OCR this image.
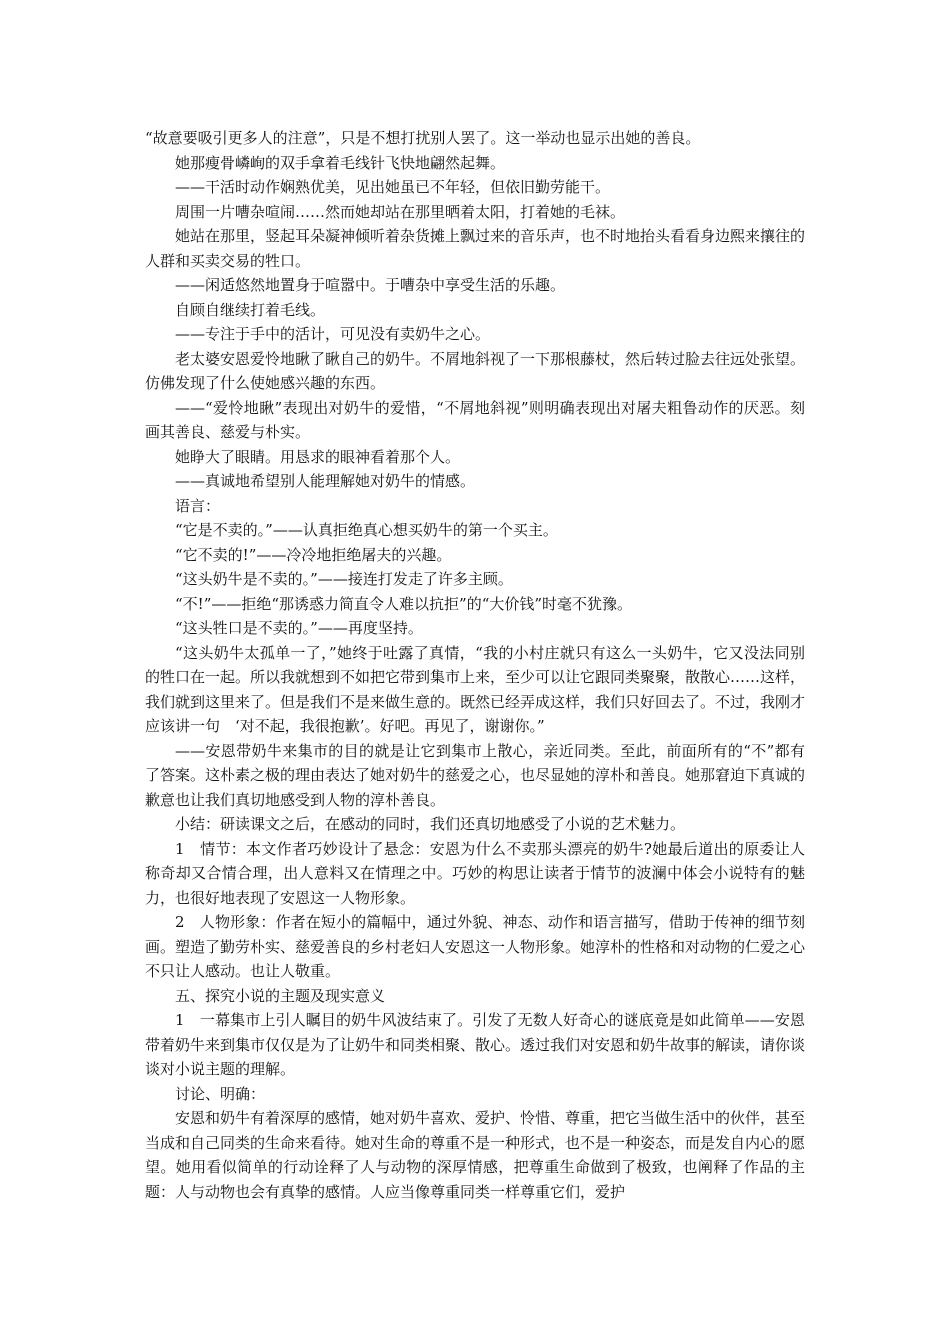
“故意要吸引更多人的注意”，只是不想打扰别人罢了。这一举动也显示出她的善良。

她那瘦骨嶙峋的双手拿着毛线针飞快地翩然起舞。

——干活时动作娴熟优美，见出她虽已不年轻，但依旧勤劳能干。

周围一片嘈杂喧闹……然而她却站在那里晒着太阳，打着她的毛袜。

她站在那里，竖起耳朵凝神倾听着杂货摊上飘过来的音乐声，也不时地抬头看看身边熙来攘往的人群和买卖交易的牲口。

——闲适悠然地置身于喧嚣中。于嘈杂中享受生活的乐趣。

自顾自继续打着毛线。

——专注于手中的活计，可见没有卖奶牛之心。

老太婆安恩爱怜地瞅了瞅自己的奶牛。不屑地斜视了一下那根藤杖，然后转过脸去往远处张望。仿佛发现了什么使她感兴趣的东西。

——“爱怜地瞅”表现出对奶牛的爱惜，“不屑地斜视”则明确表现出对屠夫粗鲁动作的厌恶。刻画其善良、慈爱与朴实。

她睁大了眼睛。用恳求的眼神看着那个人。

——真诚地希望别人能理解她对奶牛的情感。

语言：

“它是不卖的。”——认真拒绝真心想买奶牛的第一个买主。

“它不卖的!”——冷冷地拒绝屠夫的兴趣。

“这头奶牛是不卖的。”——接连打发走了许多主顾。

“不!”——拒绝“那诱惑力简直令人难以抗拒”的“大价钱”时毫不犹豫。

“这头牲口是不卖的。”——再度坚持。

“这头奶牛太孤单一了，”她终于吐露了真情，“我的小村庄就只有这么一头奶牛，它又没法同别的牲口在一起。所以我就想到不如把它带到集市上来，至少可以让它跟同类聚聚，散散心……这样，我们就到这里来了。但是我们不是来做生意的。既然已经弄成这样，我们只好回去了。不过，我刚才应该讲一句　‘对不起，我很抱歉’。好吧。再见了，谢谢你。”

——安恩带奶牛来集市的目的就是让它到集市上散心，亲近同类。至此，前面所有的“不”都有了答案。这朴素之极的理由表达了她对奶牛的慈爱之心，也尽显她的淳朴和善良。她那窘迫下真诚的歉意也让我们真切地感受到人物的淳朴善良。

小结：研读课文之后，在感动的同时，我们还真切地感受了小说的艺术魅力。

1　情节：本文作者巧妙设计了悬念：安恩为什么不卖那头漂亮的奶牛?她最后道出的原委让人称奇却又合情合理，出人意料又在情理之中。巧妙的构思让读者于情节的波澜中体会小说特有的魅力，也很好地表现了安恩这一人物形象。

2　人物形象：作者在短小的篇幅中，通过外貌、神态、动作和语言描写，借助于传神的细节刻画。塑造了勤劳朴实、慈爱善良的乡村老妇人安恩这一人物形象。她淳朴的性格和对动物的仁爱之心不只让人感动。也让人敬重。

五、探究小说的主题及现实意义

1　一幕集市上引人瞩目的奶牛风波结束了。引发了无数人好奇心的谜底竟是如此简单——安恩带着奶牛来到集市仅仅是为了让奶牛和同类相聚、散心。透过我们对安恩和奶牛故事的解读，请你谈谈对小说主题的理解。

讨论、明确：

安恩和奶牛有着深厚的感情，她对奶牛喜欢、爱护、怜惜、尊重，把它当做生活中的伙伴，甚至当成和自己同类的生命来看待。她对生命的尊重不是一种形式，也不是一种姿态，而是发自内心的愿望。她用看似简单的行动诠释了人与动物的深厚情感，把尊重生命做到了极致，也阐释了作品的主题：人与动物也会有真挚的感情。人应当像尊重同类一样尊重它们，爱护
